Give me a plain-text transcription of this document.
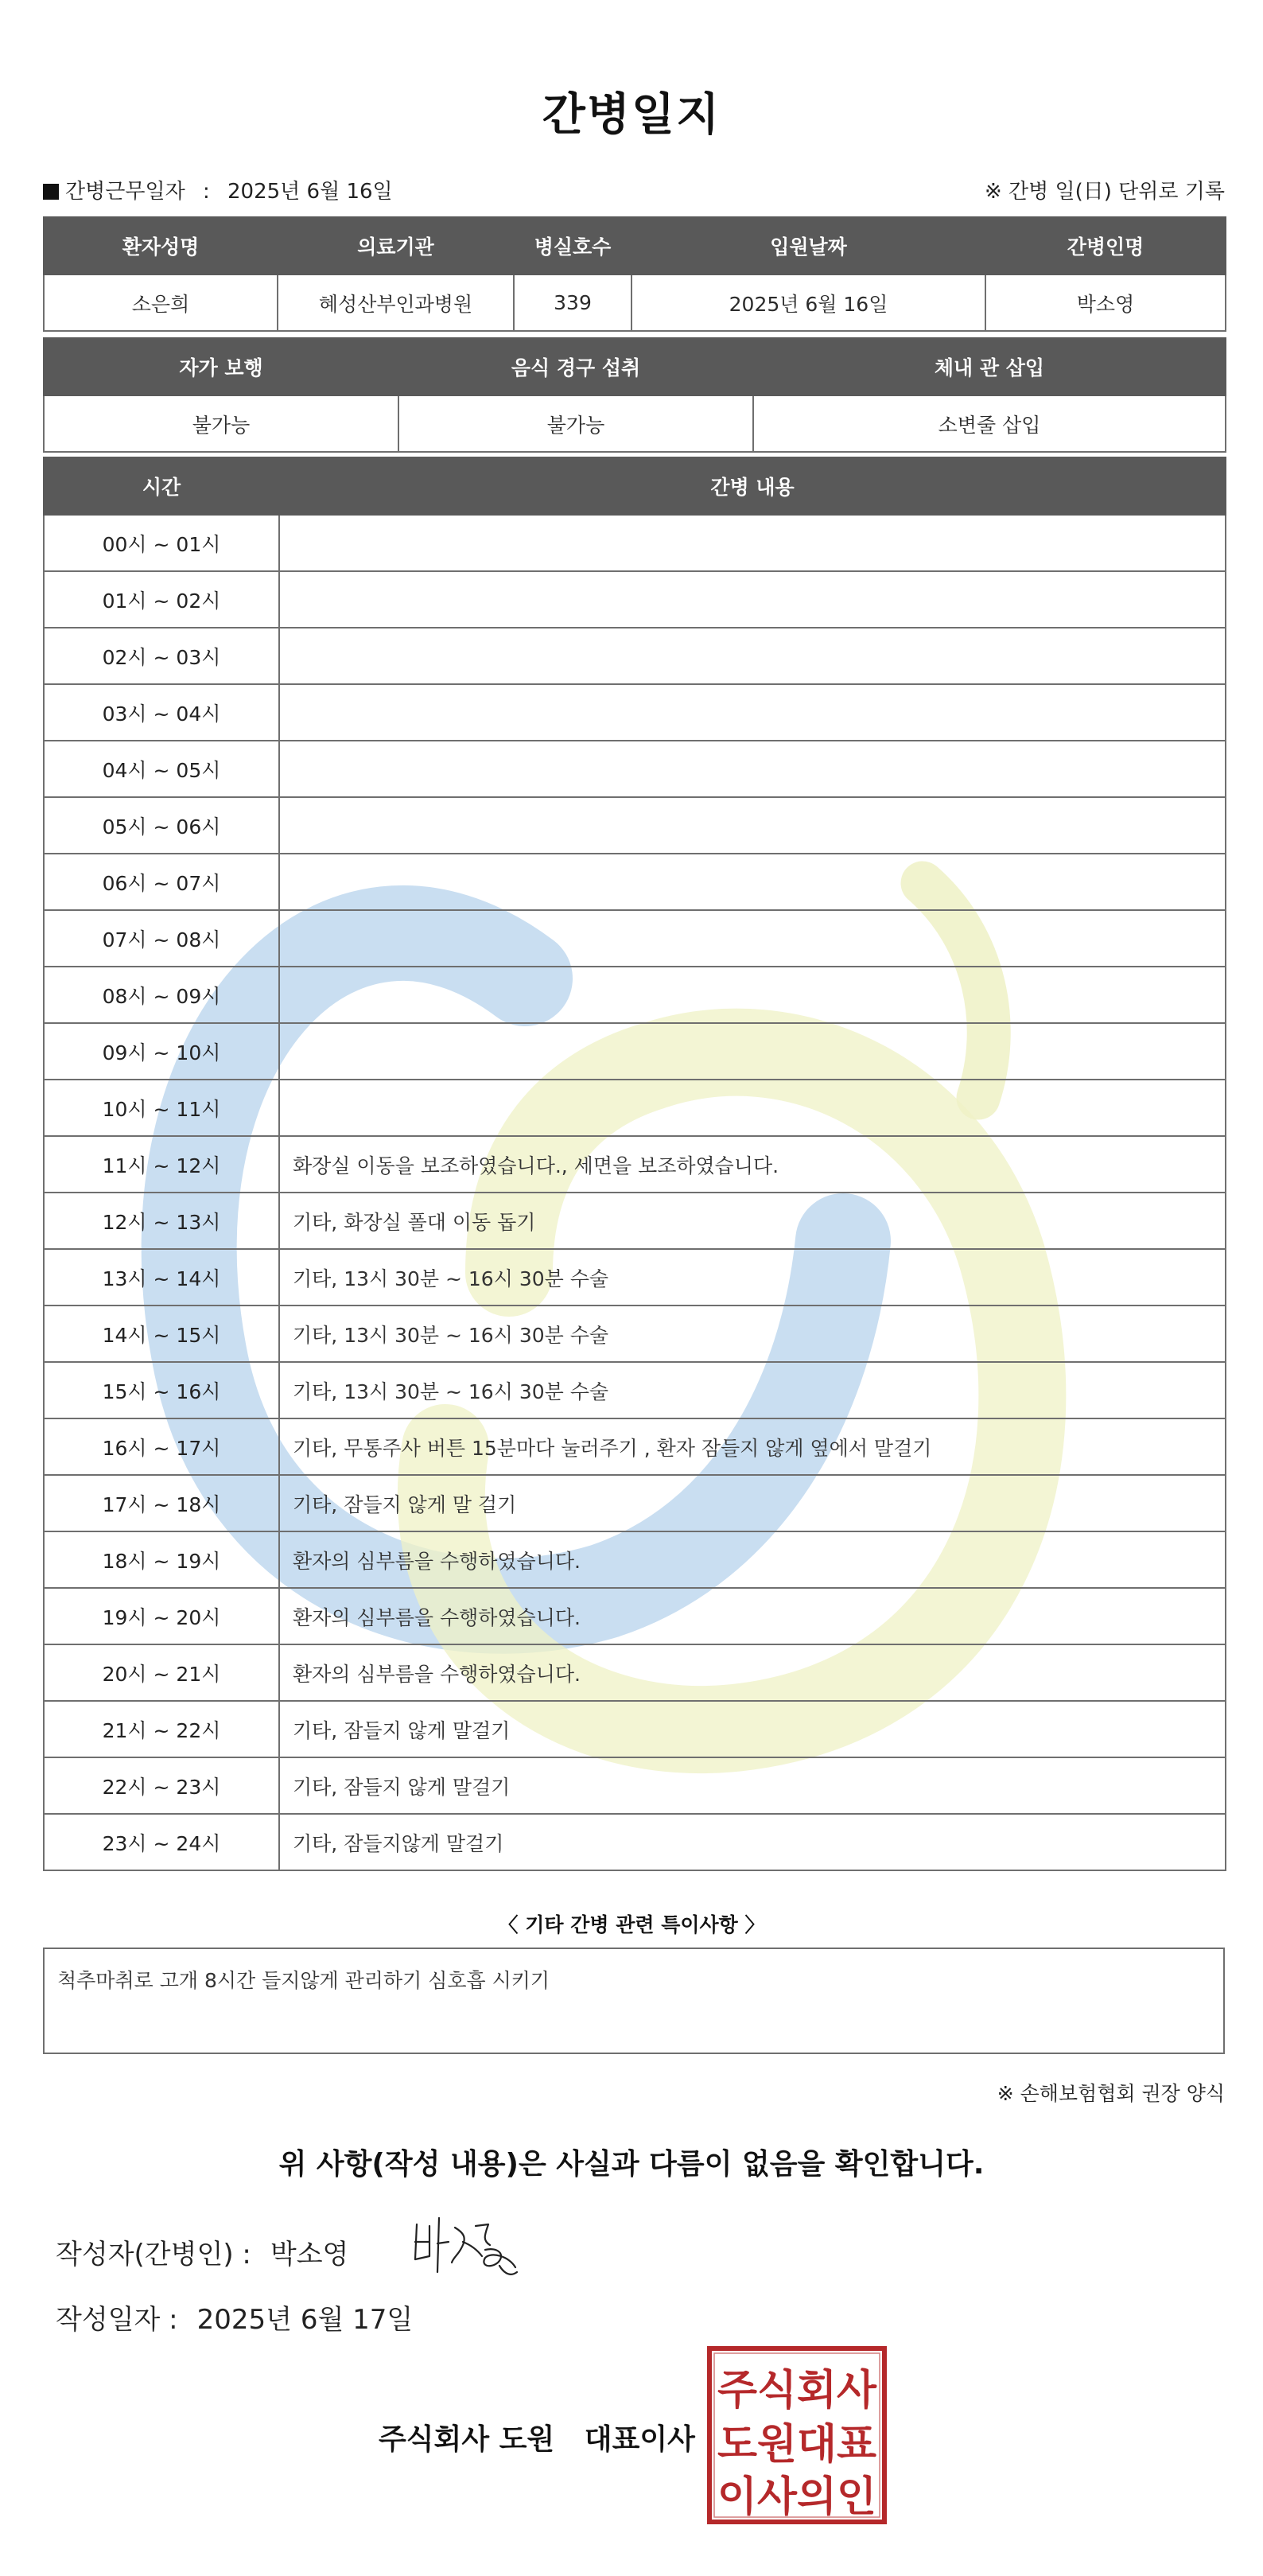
간병일지
간병근무일자 : 2025년 6월 16일	※ 간병 일(日) 단위로 기록
환자성명	의료기관	병실호수	입원날짜	간병인명
소은희	혜성산부인과병원	339	2025년 6월 16일	박소영
자가 보행	음식 경구 섭취	체내 관 삽입
불가능	불가능	소변줄 삽입
시간	간병 내용
00시 ~ 01시	
01시 ~ 02시	
02시 ~ 03시	
03시 ~ 04시	
04시 ~ 05시	
05시 ~ 06시	
06시 ~ 07시	
07시 ~ 08시	
08시 ~ 09시	
09시 ~ 10시	
10시 ~ 11시	
11시 ~ 12시	화장실 이동을 보조하였습니다., 세면을 보조하였습니다.
12시 ~ 13시	기타, 화장실 폴대 이동 돕기
13시 ~ 14시	기타, 13시 30분 ~ 16시 30분 수술
14시 ~ 15시	기타, 13시 30분 ~ 16시 30분 수술
15시 ~ 16시	기타, 13시 30분 ~ 16시 30분 수술
16시 ~ 17시	기타, 무통주사 버튼 15분마다 눌러주기 , 환자 잠들지 않게 옆에서 말걸기
17시 ~ 18시	기타, 잠들지 않게 말 걸기
18시 ~ 19시	환자의 심부름을 수행하였습니다.
19시 ~ 20시	환자의 심부름을 수행하였습니다.
20시 ~ 21시	환자의 심부름을 수행하였습니다.
21시 ~ 22시	기타, 잠들지 않게 말걸기
22시 ~ 23시	기타, 잠들지 않게 말걸기
23시 ~ 24시	기타, 잠들지않게 말걸기
〈 기타 간병 관련 특이사항 〉
척추마취로 고개 8시간 들지않게 관리하기 심호흡 시키기
※ 손해보험협회 권장 양식
위 사항(작성 내용)은 사실과 다름이 없음을 확인합니다.
작성자(간병인) : 박소영
작성일자 : 2025년 6월 17일
주식회사 도원   대표이사
주식회사
도원대표
이사의인
